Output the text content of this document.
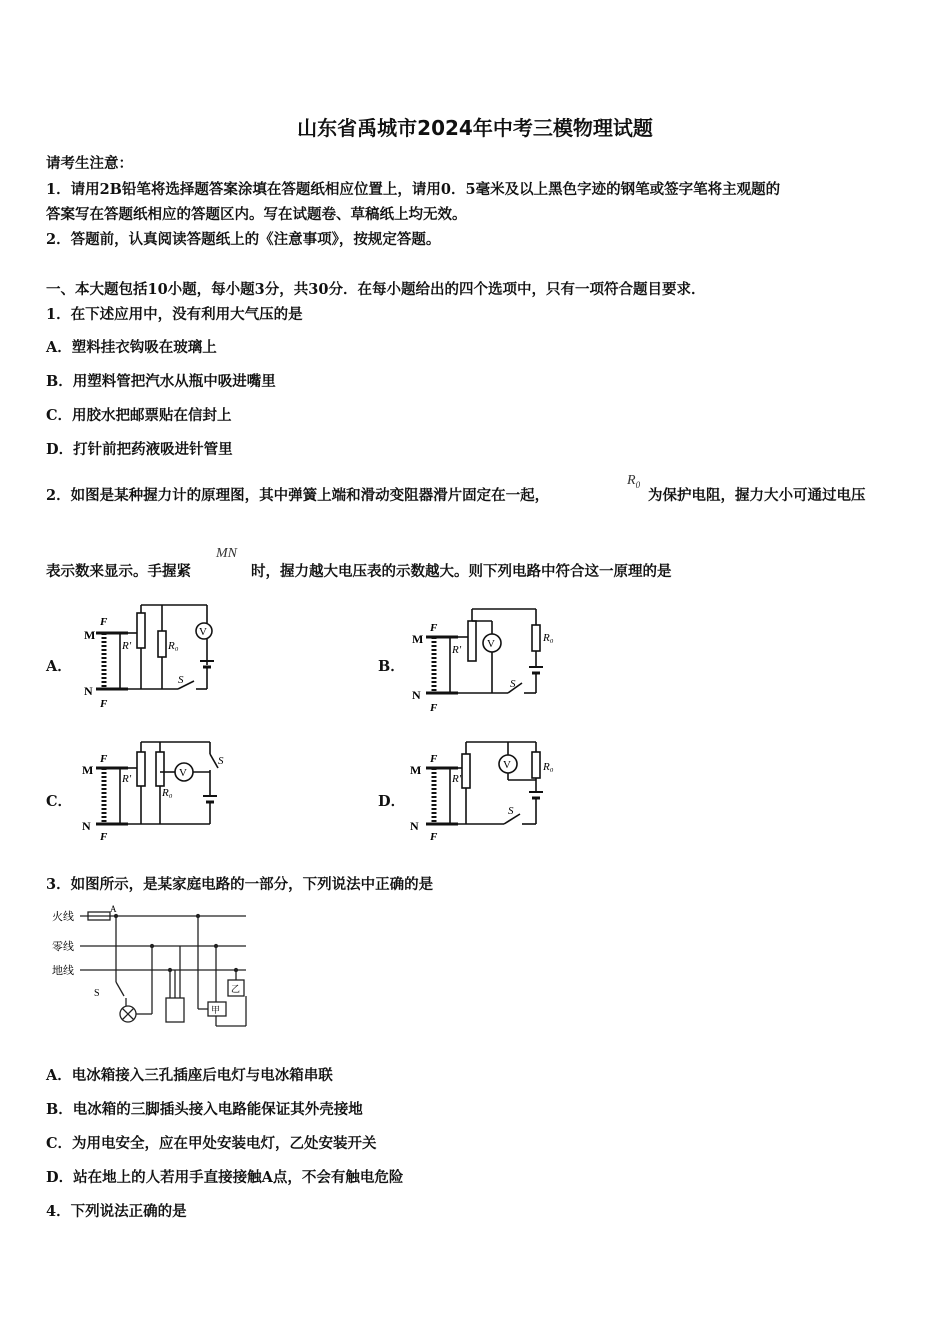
山东省禹城市2024年中考三模物理试题
请考生注意：
1．请用2B铅笔将选择题答案涂填在答题纸相应位置上，请用0．5毫米及以上黑色字迹的钢笔或签字笔将主观题的
答案写在答题纸相应的答题区内。写在试题卷、草稿纸上均无效。
2．答题前，认真阅读答题纸上的《注意事项》，按规定答题。
一、本大题包括10小题，每小题3分，共30分．在每小题给出的四个选项中，只有一项符合题目要求．
1．在下述应用中，没有利用大气压的是
A．塑料挂衣钩吸在玻璃上
B．用塑料管把汽水从瓶中吸进嘴里
C．用胶水把邮票贴在信封上
D．打针前把药液吸进针管里
2．如图是某种握力计的原理图，其中弹簧上端和滑动变阻器滑片固定在一起，
$R_0$
为保护电阻，握力大小可通过电压
表示数来显示。手握紧
MN
时，握力越大电压表的示数越大。则下列电路中符合这一原理的是
A．	B．
C．	D．
M
N
F
F
R'	R₀
V
S
M
N
F
F
R'
R₀
V
S
M
N
F
F
R'
R₀
V
S
M
N
F
F
R'
R₀
V
S
3．如图所示，是某家庭电路的一部分，下列说法中正确的是
火线
零线
地线
A
S
甲
乙
A．电冰箱接入三孔插座后电灯与电冰箱串联
B．电冰箱的三脚插头接入电路能保证其外壳接地
C．为用电安全，应在甲处安装电灯，乙处安装开关
D．站在地上的人若用手直接接触A点，不会有触电危险
4．下列说法正确的是
